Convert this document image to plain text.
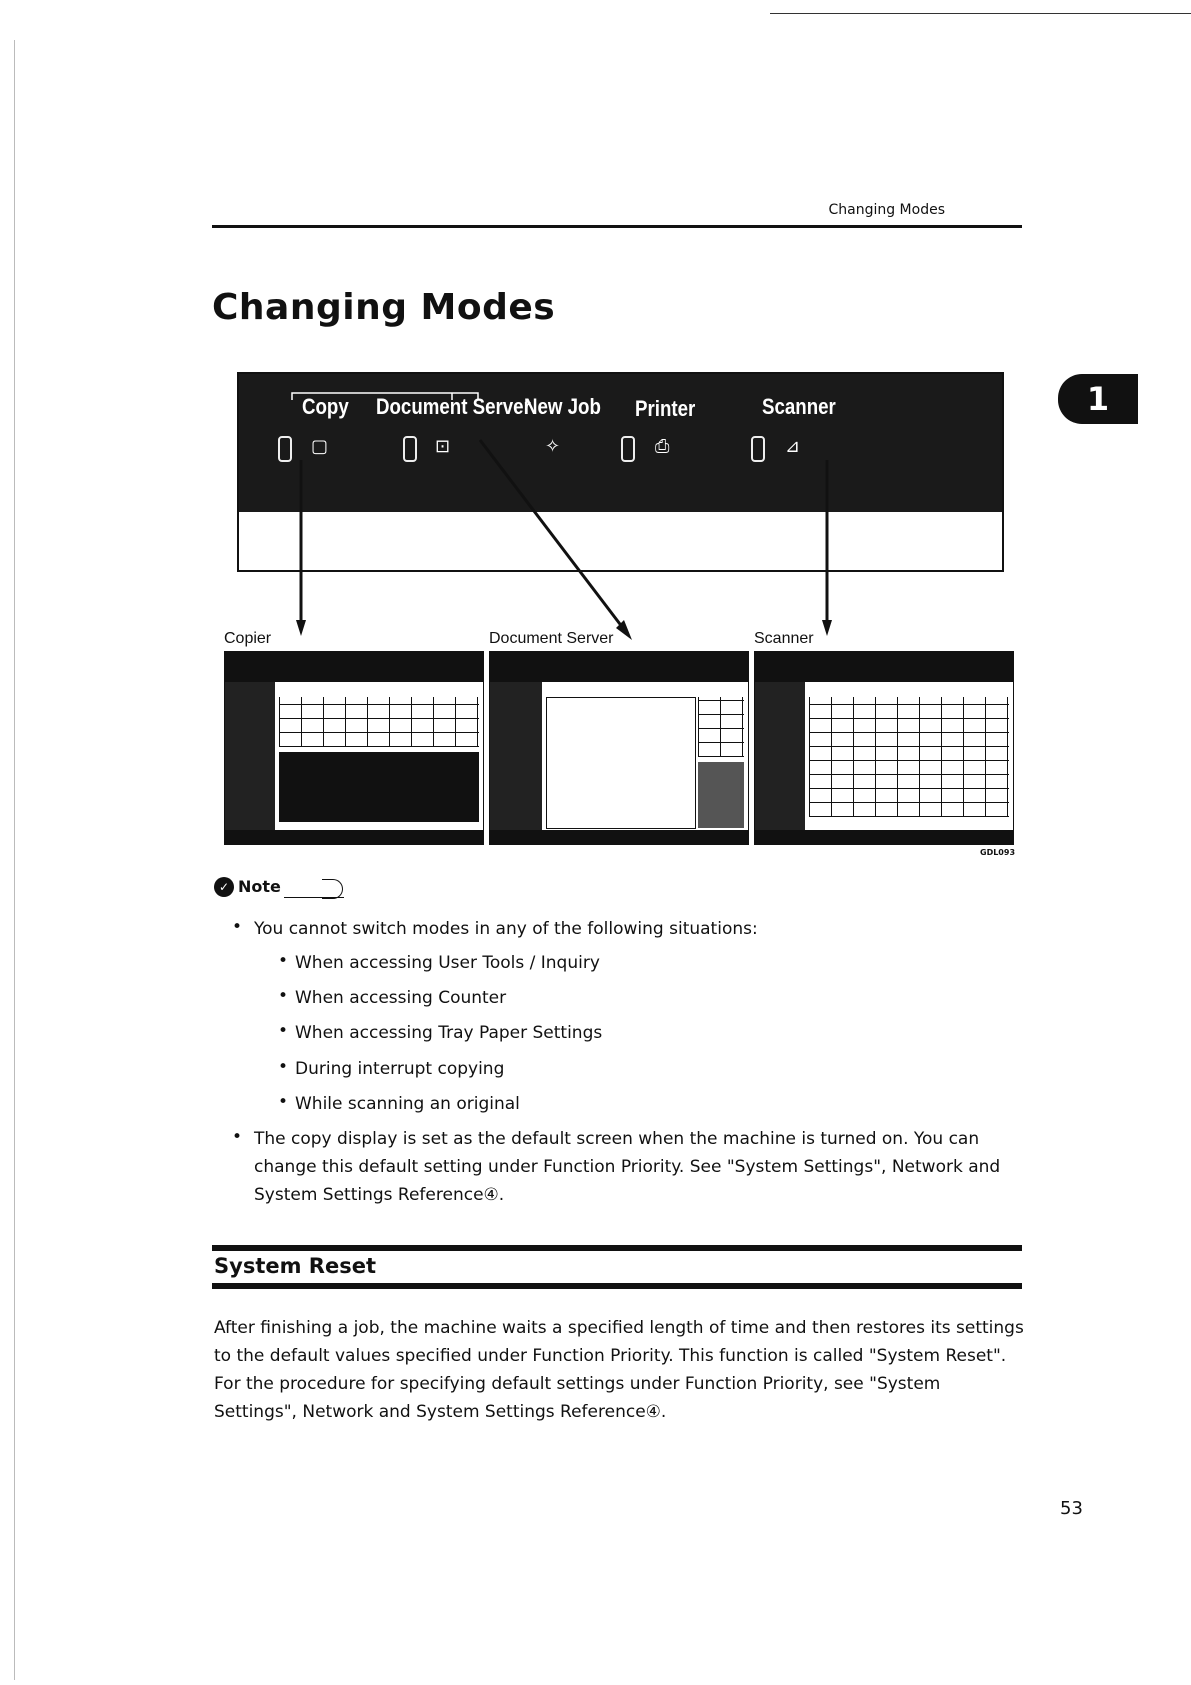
Changing Modes
Changing Modes
1
Copy Document Server
New Job Printer	Scanner
▢	⊡	✧	⎙	⊿
Copier	Document Server	Scanner
GDL093
✓ Note
• You cannot switch modes in any of the following situations:
• When accessing User Tools / Inquiry
• When accessing Counter
• When accessing Tray Paper Settings
• During interrupt copying
• While scanning an original
• The copy display is set as the default screen when the machine is turned on. You can change this default setting under Function Priority. See "System Settings", Network and System Settings Reference④.
System Reset
After finishing a job, the machine waits a specified length of time and then restores its settings to the default values specified under Function Priority. This function is called "System Reset". For the procedure for specifying default settings under Function Priority, see "System Settings", Network and System Settings Reference④.
53
